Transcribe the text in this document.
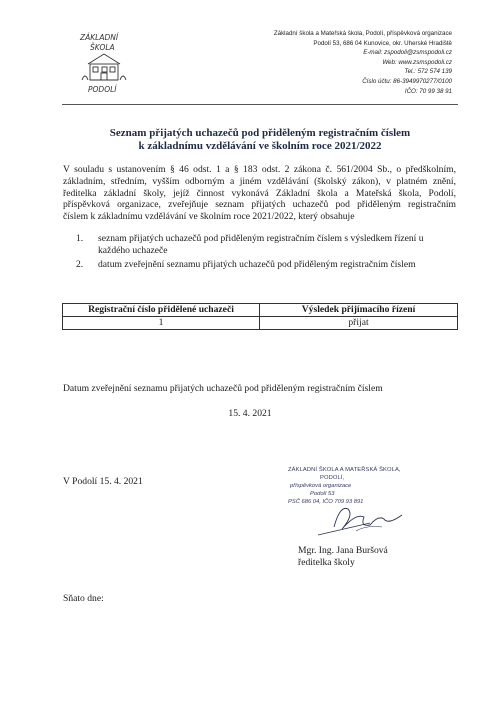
ZÁKLADNÍ
ŠKOLA
PODOLÍ
Základní škola a Mateřská škola, Podolí, příspěvková organizace
Podolí 53, 686 04 Kunovice, okr. Uherské Hradiště
E-mail: zspodoli@zsmspodoli.cz
Web: www.zsmspodoli.cz
Tel.: 572 574 139
Číslo účtu: 86-3949970277/0100
IČO: 70 99 38 91
Seznam přijatých uchazečů pod přiděleným registračním číslem
k základnímu vzdělávání ve školním roce 2021/2022
V souladu s ustanovením § 46 odst. 1 a § 183 odst. 2 zákona č. 561/2004 Sb., o předškolním,
základním, středním, vyšším odborným a jiném vzdělávání (školský zákon), v platném znění,
ředitelka základní školy, jejíž činnost vykonává Základní škola a Mateřská škola, Podolí,
příspěvková organizace, zveřejňuje seznam přijatých uchazečů pod přiděleným registračním
číslem k základnímu vzdělávání ve školním roce 2021/2022, který obsahuje
1. seznam přijatých uchazečů pod přiděleným registračním číslem s výsledkem řízení u
každého uchazeče
2. datum zveřejnění seznamu přijatých uchazečů pod přiděleným registračním číslem
Registrační číslo přidělené uchazeči	Výsledek přijímacího řízení
1	přijat
Datum zveřejnění seznamu přijatých uchazečů pod přiděleným registračním číslem
15. 4. 2021
V Podolí 15. 4. 2021
ZÁKLADNÍ ŠKOLA A MATEŘSKÁ ŠKOLA,
PODOLÍ,
příspěvková organizace
Podolí 53
PSČ 686 04, IČO 709 93 891
Mgr. Ing. Jana Buršová
ředitelka školy
Sňato dne:
